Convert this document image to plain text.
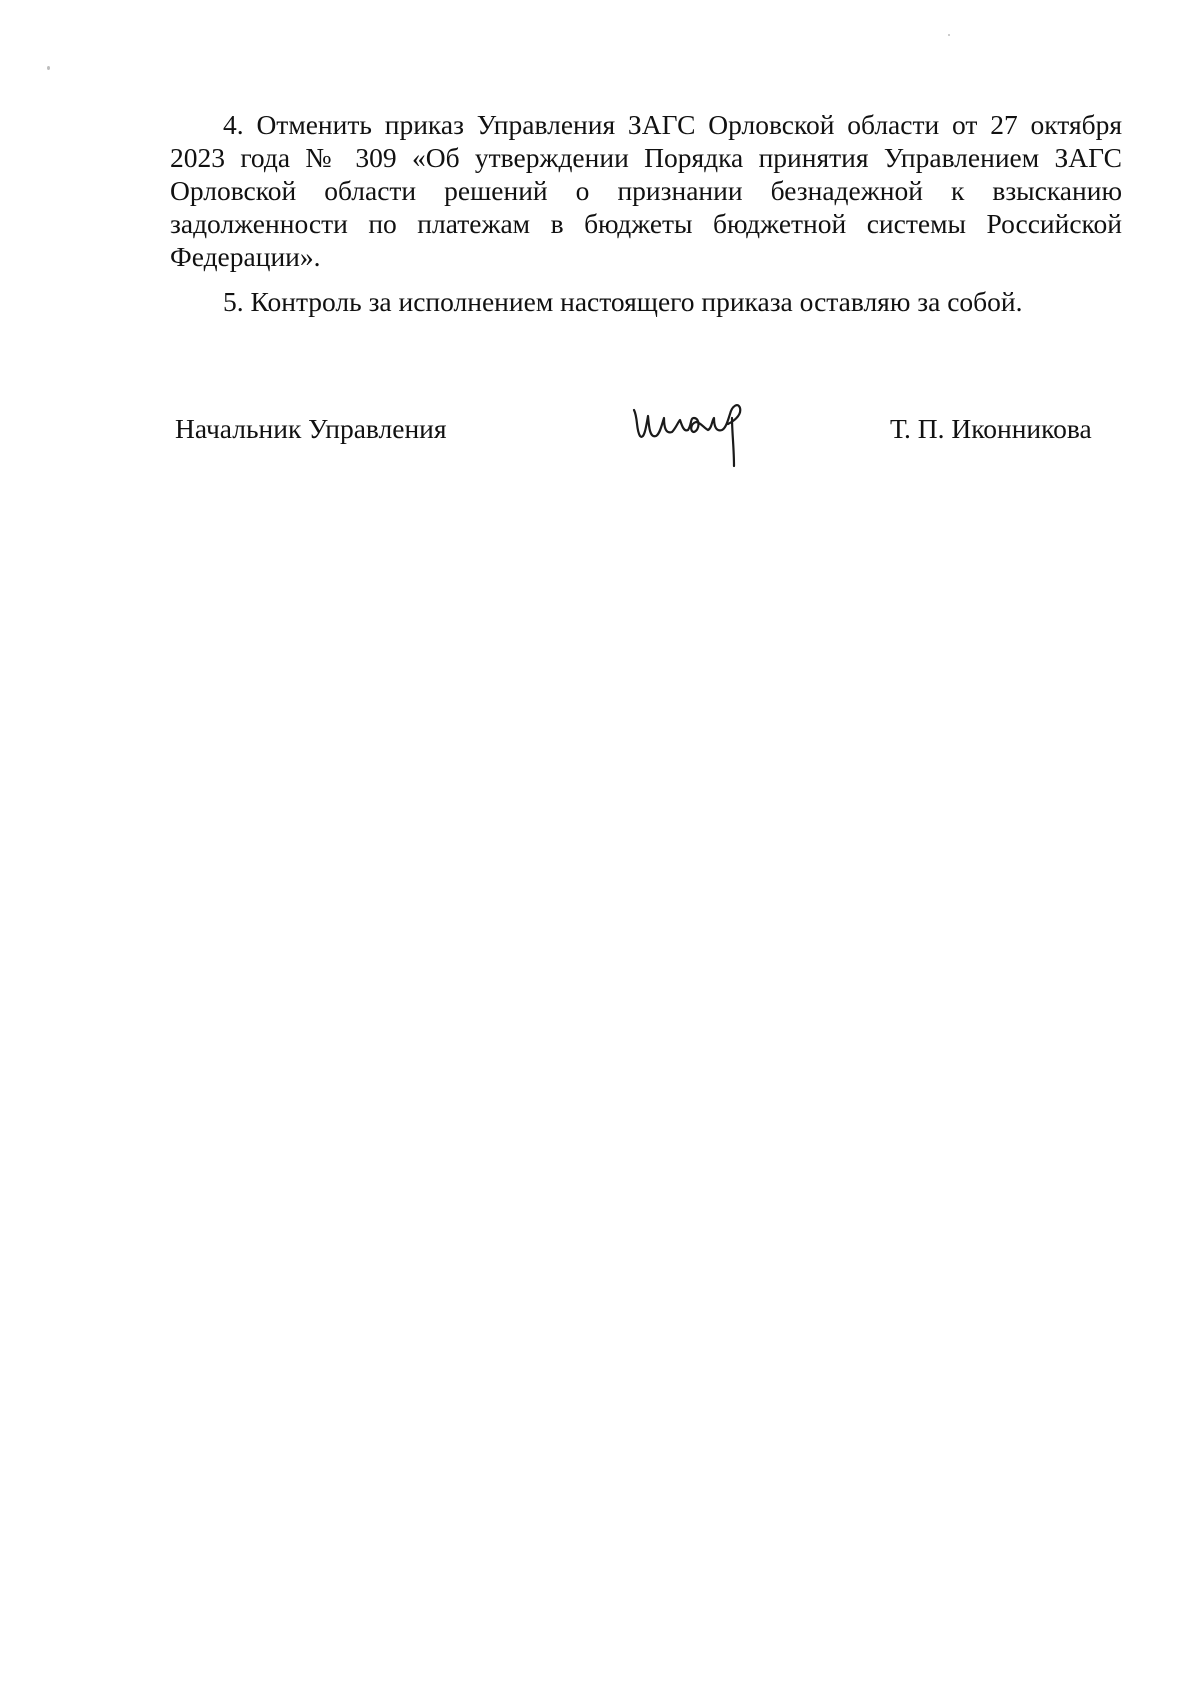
4. Отменить приказ Управления ЗАГС Орловской области от 27 октября 2023 года № 309 «Об утверждении Порядка принятия Управлением ЗАГС Орловской области решений о признании безнадежной к взысканию задолженности по платежам в бюджеты бюджетной системы Российской Федерации».

5. Контроль за исполнением настоящего приказа оставляю за собой.

Начальник Управления	Т. П. Иконникова
